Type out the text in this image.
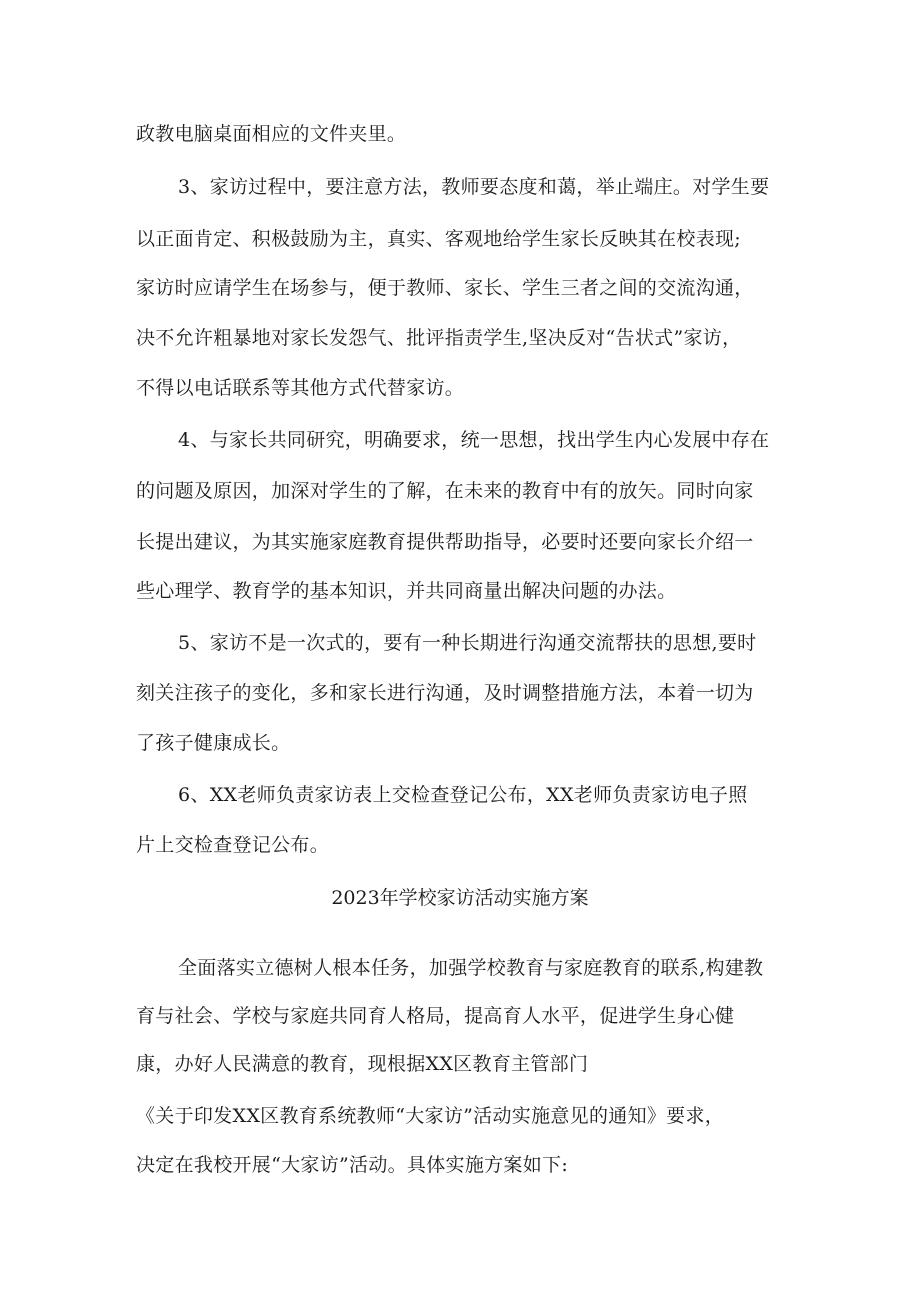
政教电脑桌面相应的文件夹里。
3、家访过程中，要注意方法，教师要态度和蔼，举止端庄。对学生要
以正面肯定、积极鼓励为主，真实、客观地给学生家长反映其在校表现;
家访时应请学生在场参与，便于教师、家长、学生三者之间的交流沟通，
决不允许粗暴地对家长发怨气、批评指责学生,坚决反对“告状式”家访，
不得以电话联系等其他方式代替家访。
4、与家长共同研究，明确要求，统一思想，找出学生内心发展中存在
的问题及原因，加深对学生的了解，在未来的教育中有的放矢。同时向家
长提出建议，为其实施家庭教育提供帮助指导，必要时还要向家长介绍一
些心理学、教育学的基本知识，并共同商量出解决问题的办法。
5、家访不是一次式的，要有一种长期进行沟通交流帮扶的思想,要时
刻关注孩子的变化，多和家长进行沟通，及时调整措施方法，本着一切为
了孩子健康成长。
6、XX老师负责家访表上交检查登记公布，XX老师负责家访电子照
片上交检查登记公布。
2023年学校家访活动实施方案
全面落实立德树人根本任务，加强学校教育与家庭教育的联系,构建教
育与社会、学校与家庭共同育人格局，提高育人水平，促进学生身心健
康，办好人民满意的教育，现根据XX区教育主管部门
《关于印发XX区教育系统教师“大家访”活动实施意见的通知》要求，
决定在我校开展“大家访”活动。具体实施方案如下:
